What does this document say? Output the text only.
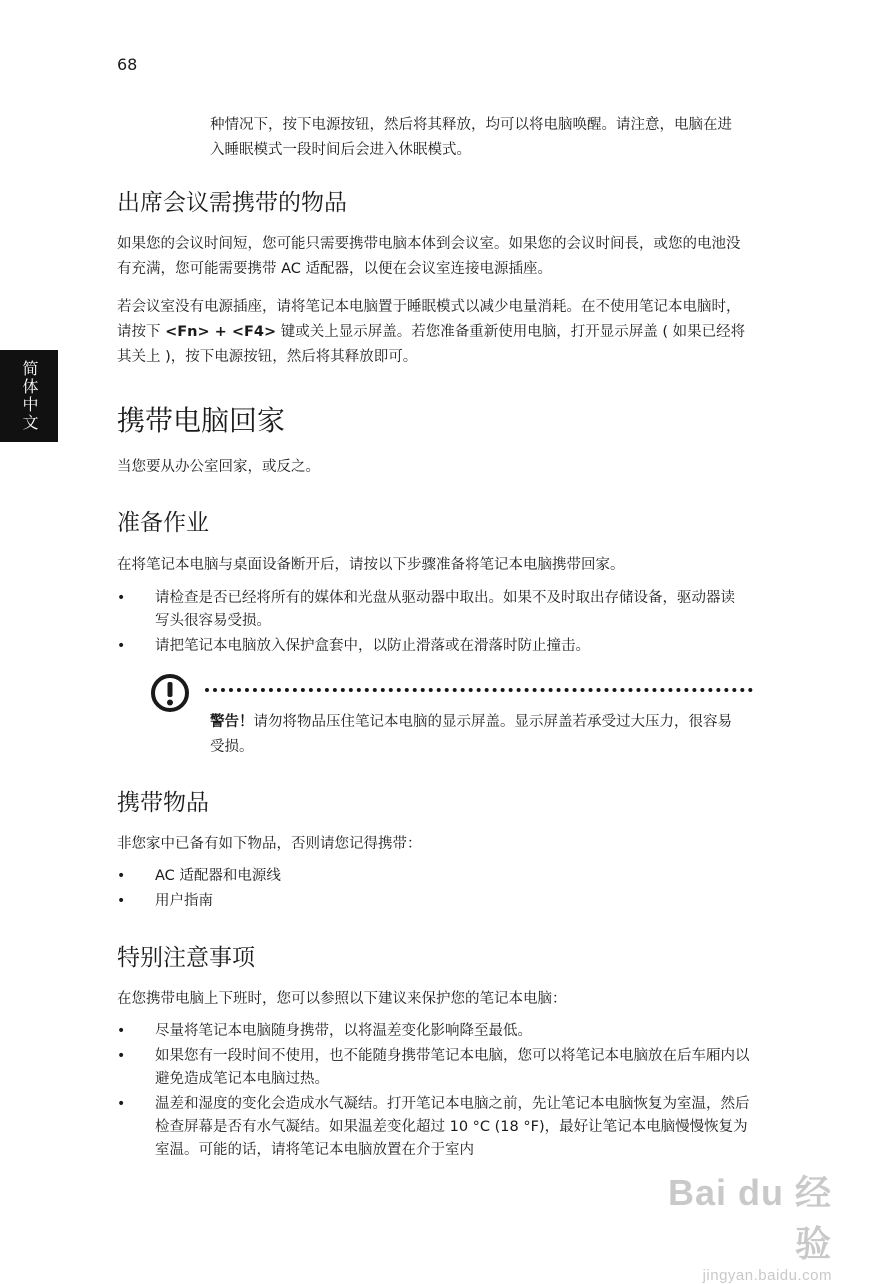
68
简体中文

种情况下，按下电源按钮，然后将其释放，均可以将电脑唤醒。请注意，电脑在进入睡眠模式一段时间后会进入休眠模式。

出席会议需携带的物品

如果您的会议时间短，您可能只需要携带电脑本体到会议室。如果您的会议时间長，或您的电池没有充满，您可能需要携带 AC 适配器，以便在会议室连接电源插座。

若会议室没有电源插座，请将笔记本电脑置于睡眠模式以减少电量消耗。在不使用笔记本电脑时，请按下 <Fn> + <F4> 键或关上显示屏盖。若您准备重新使用电脑，打开显示屏盖 ( 如果已经将其关上 )，按下电源按钮，然后将其释放即可。

携带电脑回家

当您要从办公室回家，或反之。

准备作业

在将笔记本电脑与桌面设备断开后，请按以下步骤准备将笔记本电脑携带回家。

• 请检查是否已经将所有的媒体和光盘从驱动器中取出。如果不及时取出存储设备，驱动器读写头很容易受损。
• 请把笔记本电脑放入保护盒套中，以防止滑落或在滑落时防止撞击。

警告！请勿将物品压住笔记本电脑的显示屏盖。显示屏盖若承受过大压力，很容易受损。

携带物品

非您家中已备有如下物品，否则请您记得携带：

• AC 适配器和电源线
• 用户指南
特别注意事项

在您携带电脑上下班时，您可以参照以下建议来保护您的笔记本电脑：

• 尽量将笔记本电脑随身携带，以将温差变化影响降至最低。
• 如果您有一段时间不使用，也不能随身携带笔记本电脑，您可以将笔记本电脑放在后车厢内以避免造成笔记本电脑过热。
• 温差和湿度的变化会造成水气凝结。打开笔记本电脑之前，先让笔记本电脑恢复为室温，然后检查屏幕是否有水气凝结。如果温差变化超过 10 °C (18 °F)，最好让笔记本电脑慢慢恢复为室温。可能的话，请将笔记本电脑放置在介于室内
Bai du 经验
jingyan.baidu.com
